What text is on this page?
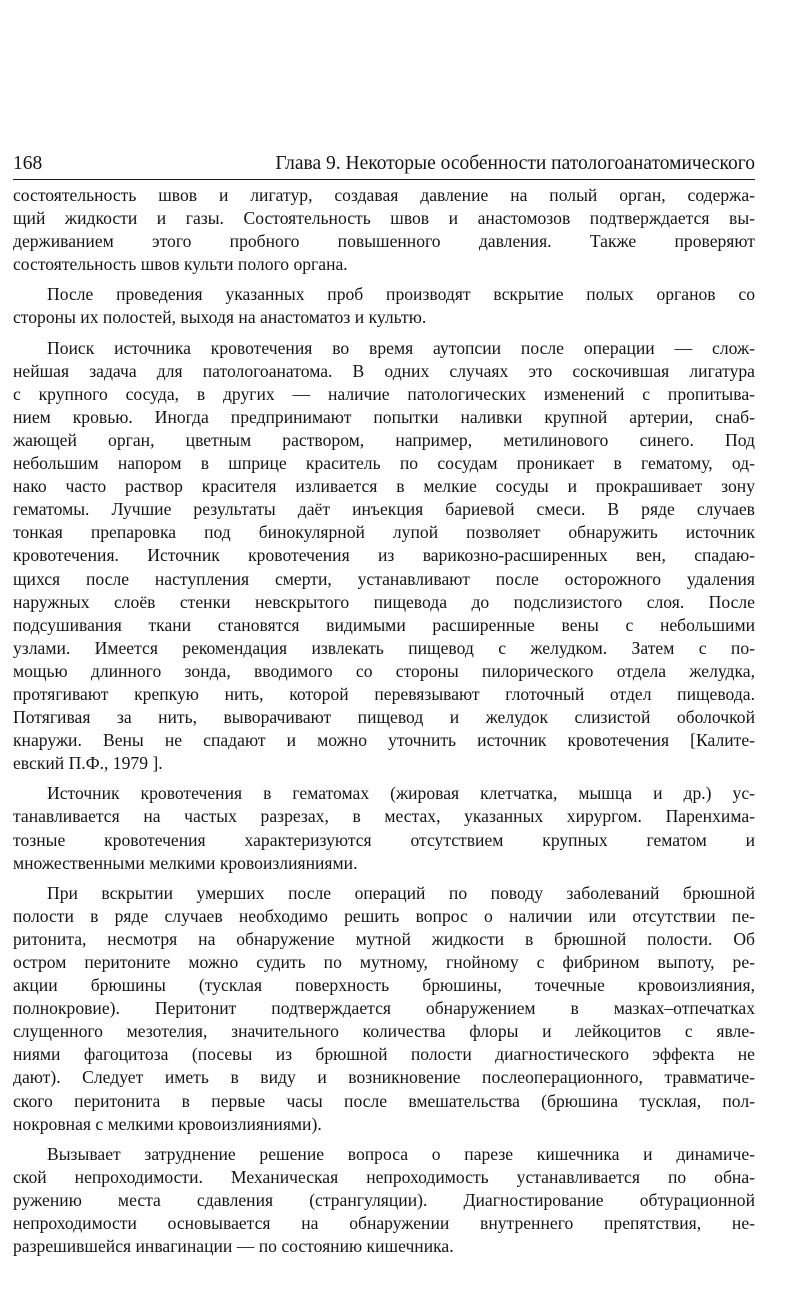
168	Глава 9. Некоторые особенности патологоанатомического
состоятельность швов и лигатур, создавая давление на полый орган, содержа-
щий жидкости и газы. Состоятельность швов и анастомозов подтверждается вы-
держиванием этого пробного повышенного давления. Также проверяют
состоятельность швов культи полого органа.
После проведения указанных проб производят вскрытие полых органов со
стороны их полостей, выходя на анастоматоз и культю.
Поиск источника кровотечения во время аутопсии после операции — слож-
нейшая задача для патологоанатома. В одних случаях это соскочившая лигатура
с крупного сосуда, в других — наличие патологических изменений с пропитыва-
нием кровью. Иногда предпринимают попытки наливки крупной артерии, снаб-
жающей орган, цветным раствором, например, метилинового синего. Под
небольшим напором в шприце краситель по сосудам проникает в гематому, од-
нако часто раствор красителя изливается в мелкие сосуды и прокрашивает зону
гематомы. Лучшие результаты даёт инъекция бариевой смеси. В ряде случаев
тонкая препаровка под бинокулярной лупой позволяет обнаружить источник
кровотечения. Источник кровотечения из варикозно-расширенных вен, спадаю-
щихся после наступления смерти, устанавливают после осторожного удаления
наружных слоёв стенки невскрытого пищевода до подслизистого слоя. После
подсушивания ткани становятся видимыми расширенные вены с небольшими
узлами. Имеется рекомендация извлекать пищевод с желудком. Затем с по-
мощью длинного зонда, вводимого со стороны пилорического отдела желудка,
протягивают крепкую нить, которой перевязывают глоточный отдел пищевода.
Потягивая за нить, выворачивают пищевод и желудок слизистой оболочкой
кнаружи. Вены не спадают и можно уточнить источник кровотечения [Калите-
евский П.Ф., 1979 ].
Источник кровотечения в гематомах (жировая клетчатка, мышца и др.) ус-
танавливается на частых разрезах, в местах, указанных хирургом. Паренхима-
тозные кровотечения характеризуются отсутствием крупных гематом и
множественными мелкими кровоизлияниями.
При вскрытии умерших после операций по поводу заболеваний брюшной
полости в ряде случаев необходимо решить вопрос о наличии или отсутствии пе-
ритонита, несмотря на обнаружение мутной жидкости в брюшной полости. Об
остром перитоните можно судить по мутному, гнойному с фибрином выпоту, ре-
акции брюшины (тусклая поверхность брюшины, точечные кровоизлияния,
полнокровие). Перитонит подтверждается обнаружением в мазках–отпечатках
слущенного мезотелия, значительного количества флоры и лейкоцитов с явле-
ниями фагоцитоза (посевы из брюшной полости диагностического эффекта не
дают). Следует иметь в виду и возникновение послеоперационного, травматиче-
ского перитонита в первые часы после вмешательства (брюшина тусклая, пол-
нокровная с мелкими кровоизлияниями).
Вызывает затруднение решение вопроса о парезе кишечника и динамиче-
ской непроходимости. Механическая непроходимость устанавливается по обна-
ружению места сдавления (странгуляции). Диагностирование обтурационной
непроходимости основывается на обнаружении внутреннего препятствия, не-
разрешившейся инвагинации — по состоянию кишечника.
